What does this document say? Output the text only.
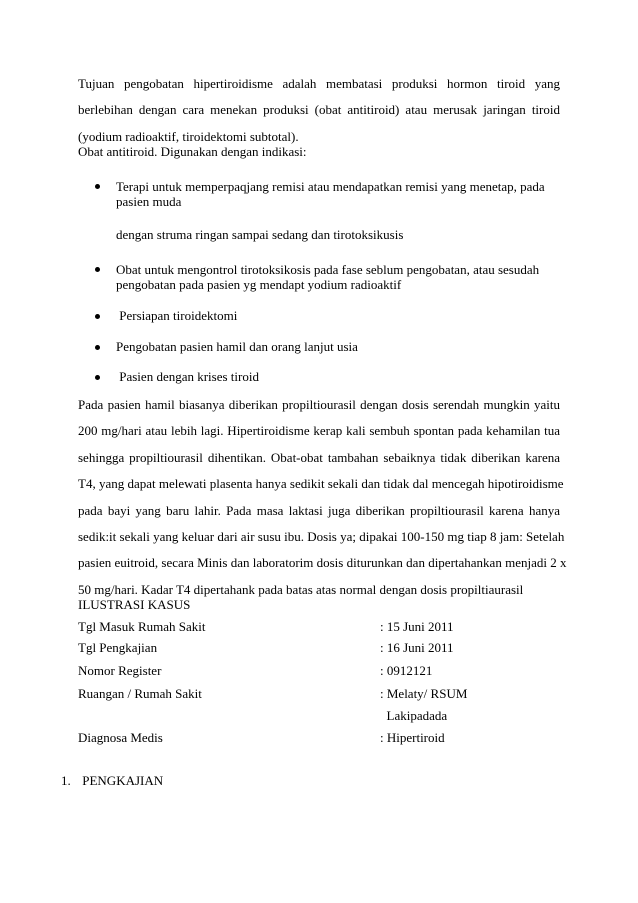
Tujuan pengobatan hipertiroidisme adalah membatasi produksi hormon tiroid yang
berlebihan dengan cara menekan produksi (obat antitiroid) atau merusak jaringan tiroid
(yodium radioaktif, tiroidektomi subtotal).
Obat antitiroid. Digunakan dengan indikasi:
Terapi untuk memperpaqjang remisi atau mendapatkan remisi yang menetap, pada
pasien muda
dengan struma ringan sampai sedang dan tirotoksikusis
Obat untuk mengontrol tirotoksikosis pada fase seblum pengobatan, atau sesudah
pengobatan pada pasien yg mendapt yodium radioaktif
Persiapan tiroidektomi
Pengobatan pasien hamil dan orang lanjut usia
Pasien dengan krises tiroid
Pada pasien hamil biasanya diberikan propiltiourasil dengan dosis serendah mungkin yaitu
200 mg/hari atau lebih lagi. Hipertiroidisme kerap kali sembuh spontan pada kehamilan tua
sehingga propiltiourasil dihentikan. Obat-obat tambahan sebaiknya tidak diberikan karena
T4, yang dapat melewati plasenta hanya sedikit sekali dan tidak dal mencegah hipotiroidisme
pada bayi yang baru lahir. Pada masa laktasi juga diberikan propiltiourasil karena hanya
sedik:it sekali yang keluar dari air susu ibu. Dosis ya; dipakai 100-150 mg tiap 8 jam: Setelah
pasien euitroid, secara Minis dan laboratorim dosis diturunkan dan dipertahankan menjadi 2 x
50 mg/hari. Kadar T4 dipertahank pada batas atas normal dengan dosis propiltiaurasil
ILUSTRASI KASUS
Tgl Masuk Rumah Sakit	: 15 Juni 2011
Tgl Pengkajian	: 16 Juni 2011
Nomor Register	: 0912121
Ruangan / Rumah Sakit	: Melaty/ RSUM
Lakipadada
Diagnosa Medis	: Hipertiroid
1. PENGKAJIAN
